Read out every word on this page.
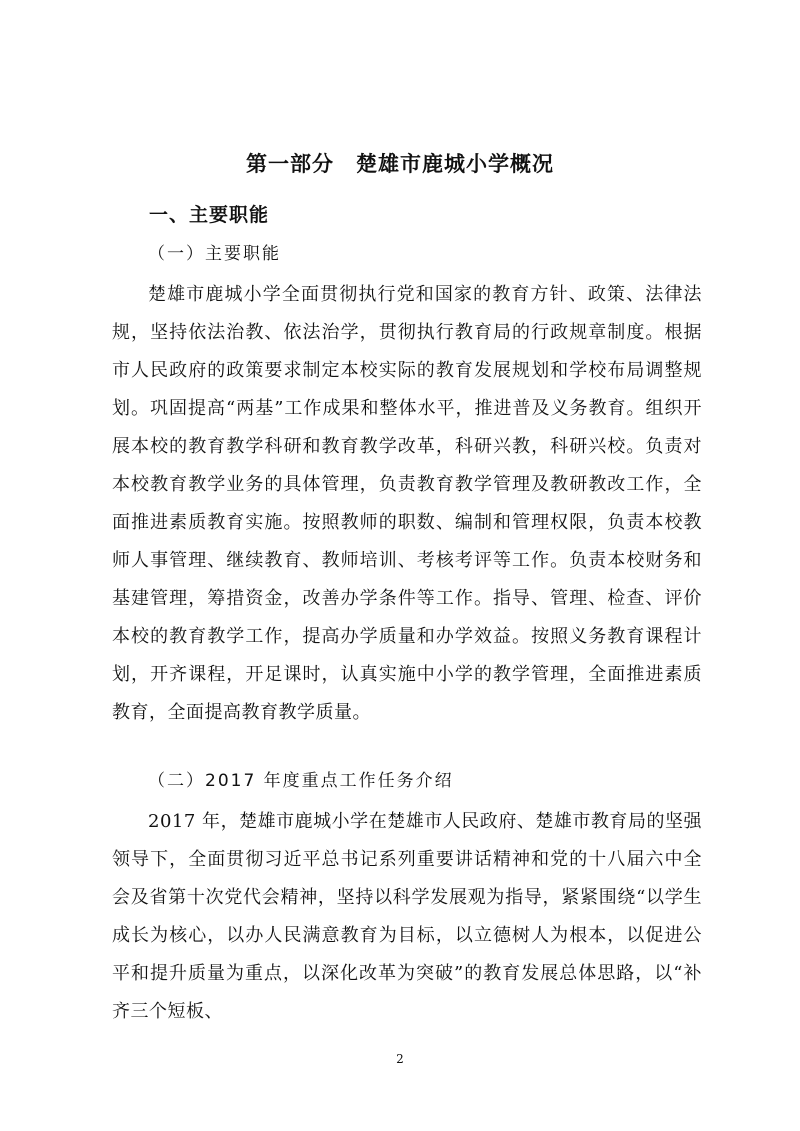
第一部分　楚雄市鹿城小学概况
一、主要职能
（一）主要职能
楚雄市鹿城小学全面贯彻执行党和国家的教育方针、政策、法律法规，坚持依法治教、依法治学，贯彻执行教育局的行政规章制度。根据市人民政府的政策要求制定本校实际的教育发展规划和学校布局调整规划。巩固提高“两基”工作成果和整体水平，推进普及义务教育。组织开展本校的教育教学科研和教育教学改革，科研兴教，科研兴校。负责对本校教育教学业务的具体管理，负责教育教学管理及教研教改工作，全面推进素质教育实施。按照教师的职数、编制和管理权限，负责本校教师人事管理、继续教育、教师培训、考核考评等工作。负责本校财务和基建管理，筹措资金，改善办学条件等工作。指导、管理、检查、评价本校的教育教学工作，提高办学质量和办学效益。按照义务教育课程计划，开齐课程，开足课时，认真实施中小学的教学管理，全面推进素质教育，全面提高教育教学质量。
（二）2017 年度重点工作任务介绍
2017 年，楚雄市鹿城小学在楚雄市人民政府、楚雄市教育局的坚强领导下，全面贯彻习近平总书记系列重要讲话精神和党的十八届六中全会及省第十次党代会精神，坚持以科学发展观为指导，紧紧围绕“以学生成长为核心，以办人民满意教育为目标，以立德树人为根本，以促进公平和提升质量为重点，以深化改革为突破”的教育发展总体思路，以“补齐三个短板、
2
